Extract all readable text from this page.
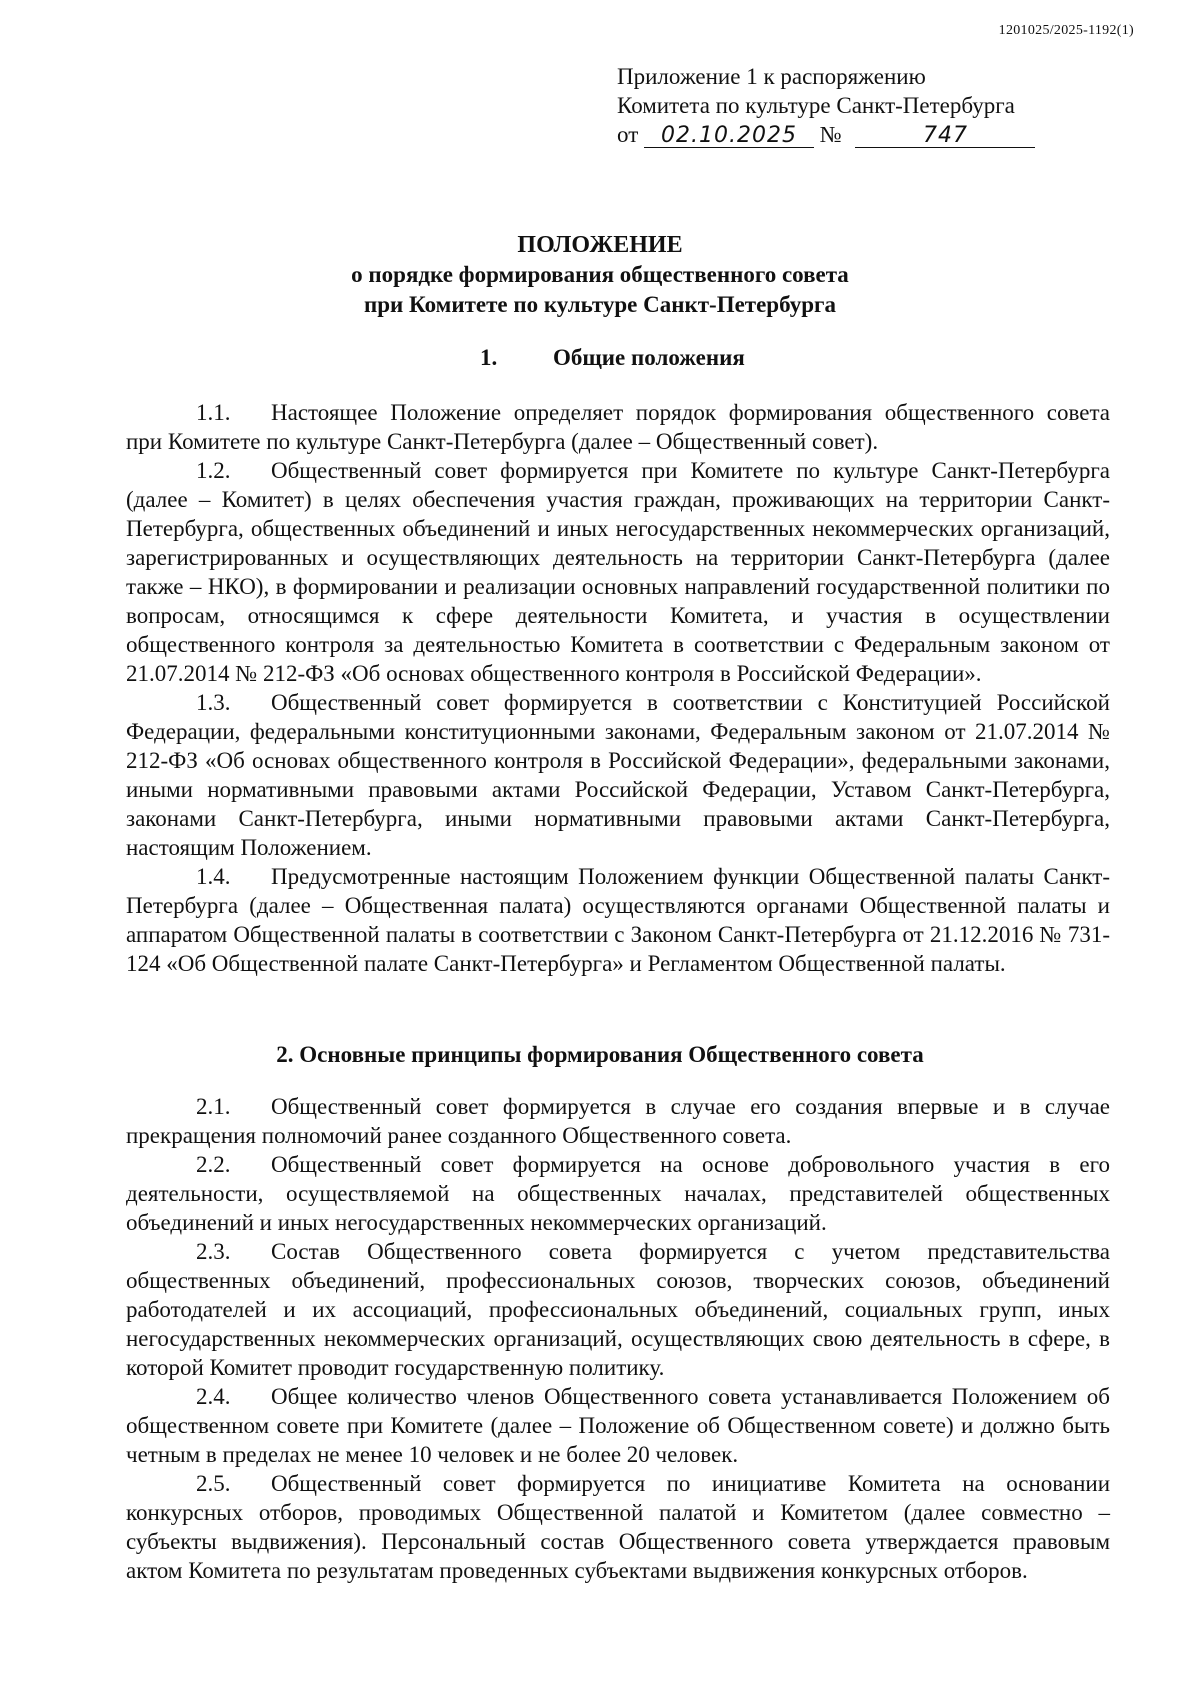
1201025/2025-1192(1)
Приложение 1 к распоряжению
Комитета по культуре Санкт-Петербурга
от 02.10.2025 №	747
ПОЛОЖЕНИЕ
о порядке формирования общественного совета
при Комитете по культуре Санкт-Петербурга
1. Общие положения

1.1. Настоящее Положение определяет порядок формирования общественного совета при Комитете по культуре Санкт-Петербурга (далее – Общественный совет).

1.2. Общественный совет формируется при Комитете по культуре Санкт-Петербурга (далее – Комитет) в целях обеспечения участия граждан, проживающих на территории Санкт-Петербурга, общественных объединений и иных негосударственных некоммерческих организаций, зарегистрированных и осуществляющих деятельность на территории Санкт-Петербурга (далее также – НКО), в формировании и реализации основных направлений государственной политики по вопросам, относящимся к сфере деятельности Комитета, и участия в осуществлении общественного контроля за деятельностью Комитета в соответствии с Федеральным законом от 21.07.2014 № 212-ФЗ «Об основах общественного контроля в Российской Федерации».

1.3. Общественный совет формируется в соответствии с Конституцией Российской Федерации, федеральными конституционными законами, Федеральным законом от 21.07.2014 № 212-ФЗ «Об основах общественного контроля в Российской Федерации», федеральными законами, иными нормативными правовыми актами Российской Федерации, Уставом Санкт-Петербурга, законами Санкт-Петербурга, иными нормативными правовыми актами Санкт-Петербурга, настоящим Положением.

1.4. Предусмотренные настоящим Положением функции Общественной палаты Санкт-Петербурга (далее – Общественная палата) осуществляются органами Общественной палаты и аппаратом Общественной палаты в соответствии с Законом Санкт-Петербурга от 21.12.2016 № 731-124 «Об Общественной палате Санкт-Петербурга» и Регламентом Общественной палаты.

2. Основные принципы формирования Общественного совета

2.1. Общественный совет формируется в случае его создания впервые и в случае прекращения полномочий ранее созданного Общественного совета.

2.2. Общественный совет формируется на основе добровольного участия в его деятельности, осуществляемой на общественных началах, представителей общественных объединений и иных негосударственных некоммерческих организаций.

2.3. Состав Общественного совета формируется с учетом представительства общественных объединений, профессиональных союзов, творческих союзов, объединений работодателей и их ассоциаций, профессиональных объединений, социальных групп, иных негосударственных некоммерческих организаций, осуществляющих свою деятельность в сфере, в которой Комитет проводит государственную политику.

2.4. Общее количество членов Общественного совета устанавливается Положением об общественном совете при Комитете (далее – Положение об Общественном совете) и должно быть четным в пределах не менее 10 человек и не более 20 человек.

2.5. Общественный совет формируется по инициативе Комитета на основании конкурсных отборов, проводимых Общественной палатой и Комитетом (далее совместно – субъекты выдвижения). Персональный состав Общественного совета утверждается правовым актом Комитета по результатам проведенных субъектами выдвижения конкурсных отборов.
